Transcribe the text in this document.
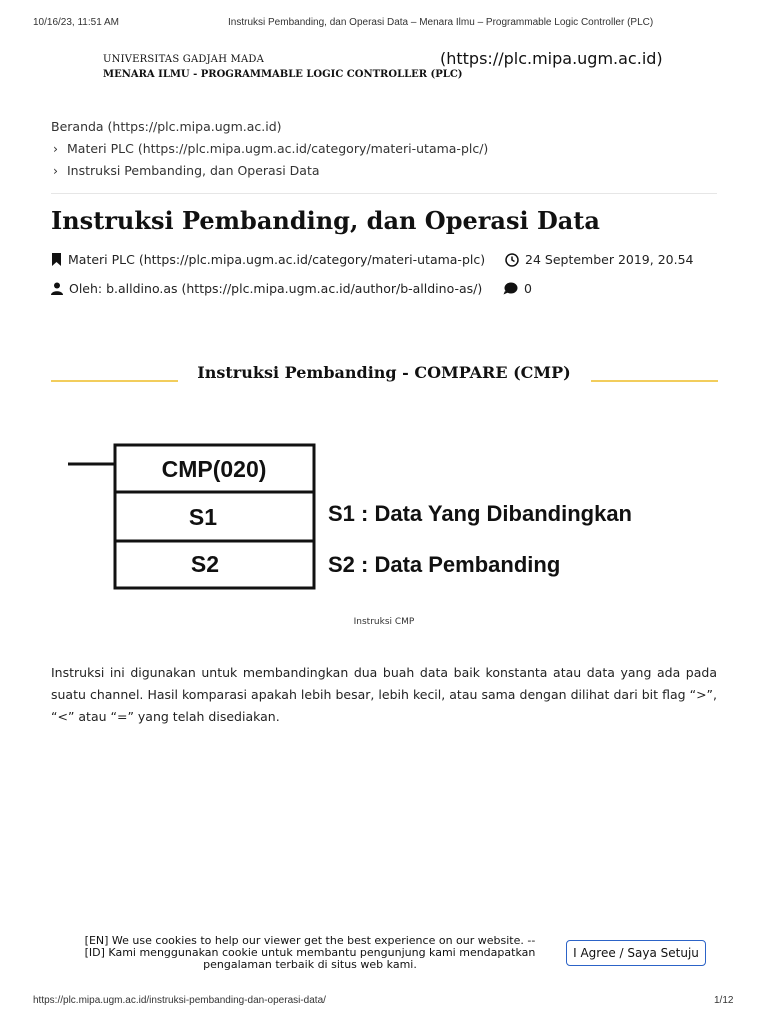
10/16/23, 11:51 AM	Instruksi Pembanding, dan Operasi Data – Menara Ilmu – Programmable Logic Controller (PLC)
UNIVERSITAS GADJAH MADA
MENARA ILMU - PROGRAMMABLE LOGIC CONTROLLER (PLC)
(https://plc.mipa.ugm.ac.id)
Beranda (https://plc.mipa.ugm.ac.id)
› Materi PLC (https://plc.mipa.ugm.ac.id/category/materi-utama-plc/)
› Instruksi Pembanding, dan Operasi Data
Instruksi Pembanding, dan Operasi Data
Materi PLC (https://plc.mipa.ugm.ac.id/category/materi-utama-plc)	24 September 2019, 20.54
Oleh: b.alldino.as (https://plc.mipa.ugm.ac.id/author/b-alldino-as/)	0
Instruksi Pembanding - COMPARE (CMP)
CMP(020)
S1
S2
S1 : Data Yang Dibandingkan
S2 : Data Pembanding
Instruksi CMP
Instruksi ini digunakan untuk membandingkan dua buah data baik konstanta atau data yang ada pada suatu channel. Hasil komparasi apakah lebih besar, lebih kecil, atau sama dengan dilihat dari bit flag “>”, “<” atau “=” yang telah disediakan.
[EN] We use cookies to help our viewer get the best experience on our website. --
[ID] Kami menggunakan cookie untuk membantu pengunjung kami mendapatkan
pengalaman terbaik di situs web kami.
I Agree / Saya Setuju
https://plc.mipa.ugm.ac.id/instruksi-pembanding-dan-operasi-data/	1/12
